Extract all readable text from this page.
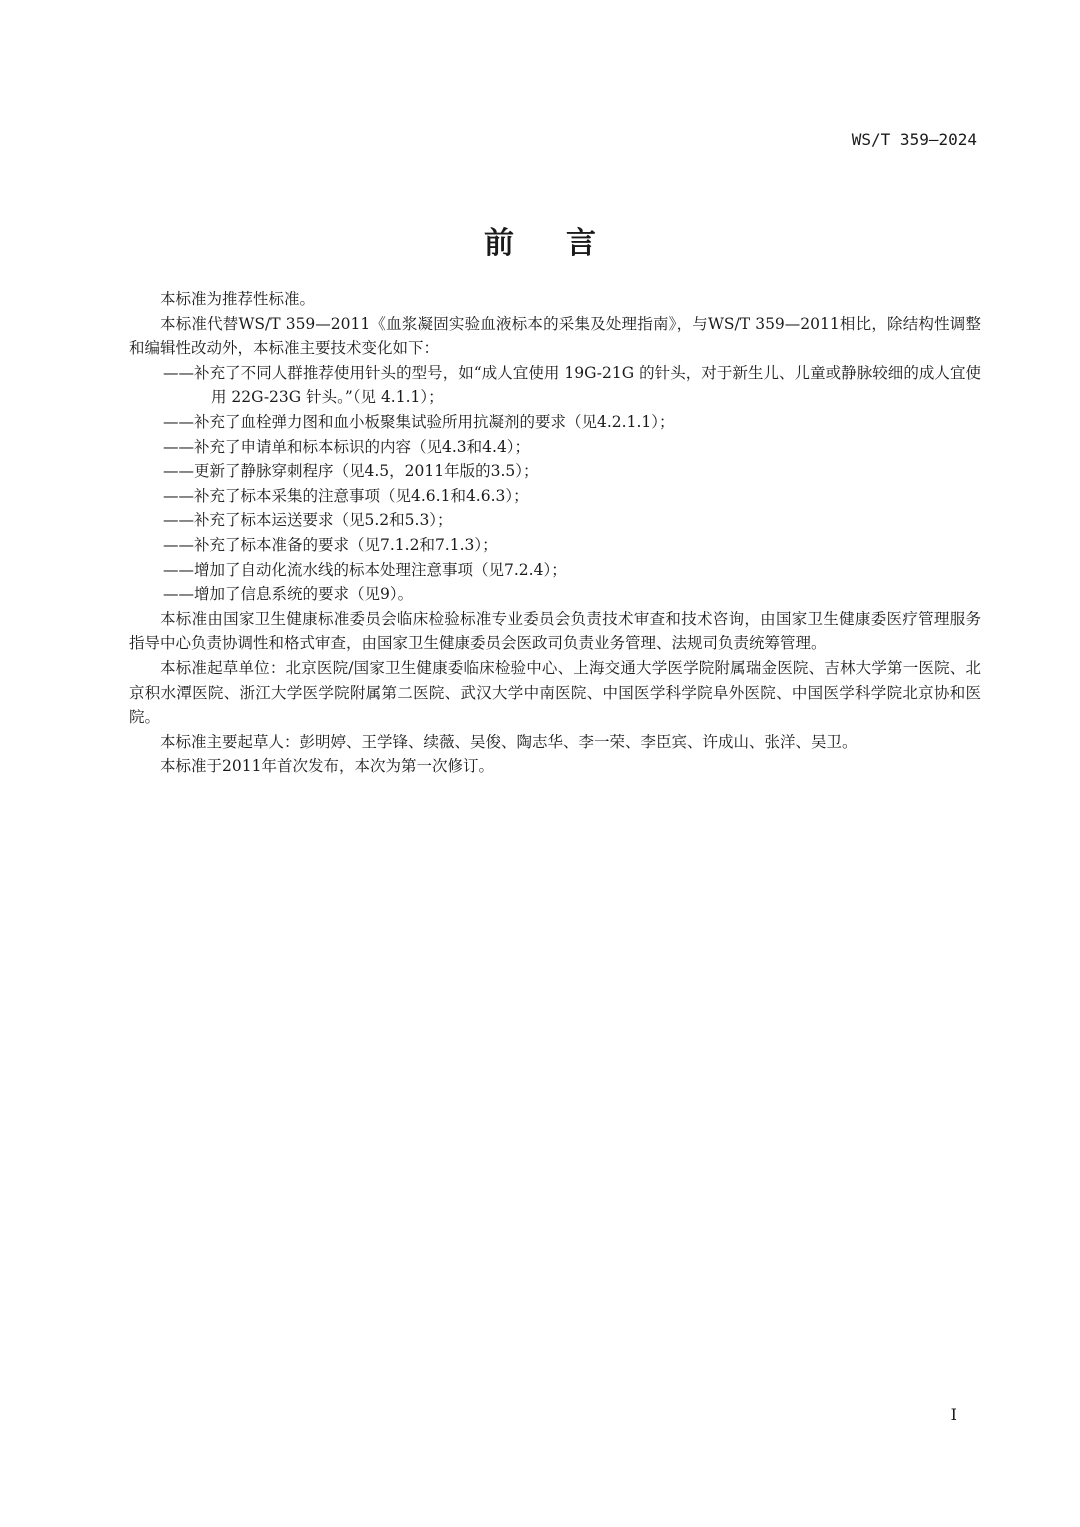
WS/T 359—2024
前言

本标准为推荐性标准。

本标准代替WS/T 359—2011《血浆凝固实验血液标本的采集及处理指南》，与WS/T 359—2011相比，除结构性调整和编辑性改动外，本标准主要技术变化如下：

——补充了不同人群推荐使用针头的型号，如“成人宜使用 19G-21G 的针头，对于新生儿、儿童或静脉较细的成人宜使用 22G-23G 针头。”（见 4.1.1）；

——补充了血栓弹力图和血小板聚集试验所用抗凝剂的要求（见4.2.1.1）；

——补充了申请单和标本标识的内容（见4.3和4.4）；

——更新了静脉穿刺程序（见4.5，2011年版的3.5）；

——补充了标本采集的注意事项（见4.6.1和4.6.3）；

——补充了标本运送要求（见5.2和5.3）；

——补充了标本准备的要求（见7.1.2和7.1.3）；

——增加了自动化流水线的标本处理注意事项（见7.2.4）；

——增加了信息系统的要求（见9）。

本标准由国家卫生健康标准委员会临床检验标准专业委员会负责技术审查和技术咨询，由国家卫生健康委医疗管理服务指导中心负责协调性和格式审查，由国家卫生健康委员会医政司负责业务管理、法规司负责统筹管理。

本标准起草单位：北京医院/国家卫生健康委临床检验中心、上海交通大学医学院附属瑞金医院、吉林大学第一医院、北京积水潭医院、浙江大学医学院附属第二医院、武汉大学中南医院、中国医学科学院阜外医院、中国医学科学院北京协和医院。

本标准主要起草人：彭明婷、王学锋、续薇、吴俊、陶志华、李一荣、李臣宾、许成山、张洋、吴卫。

本标准于2011年首次发布，本次为第一次修订。

I
